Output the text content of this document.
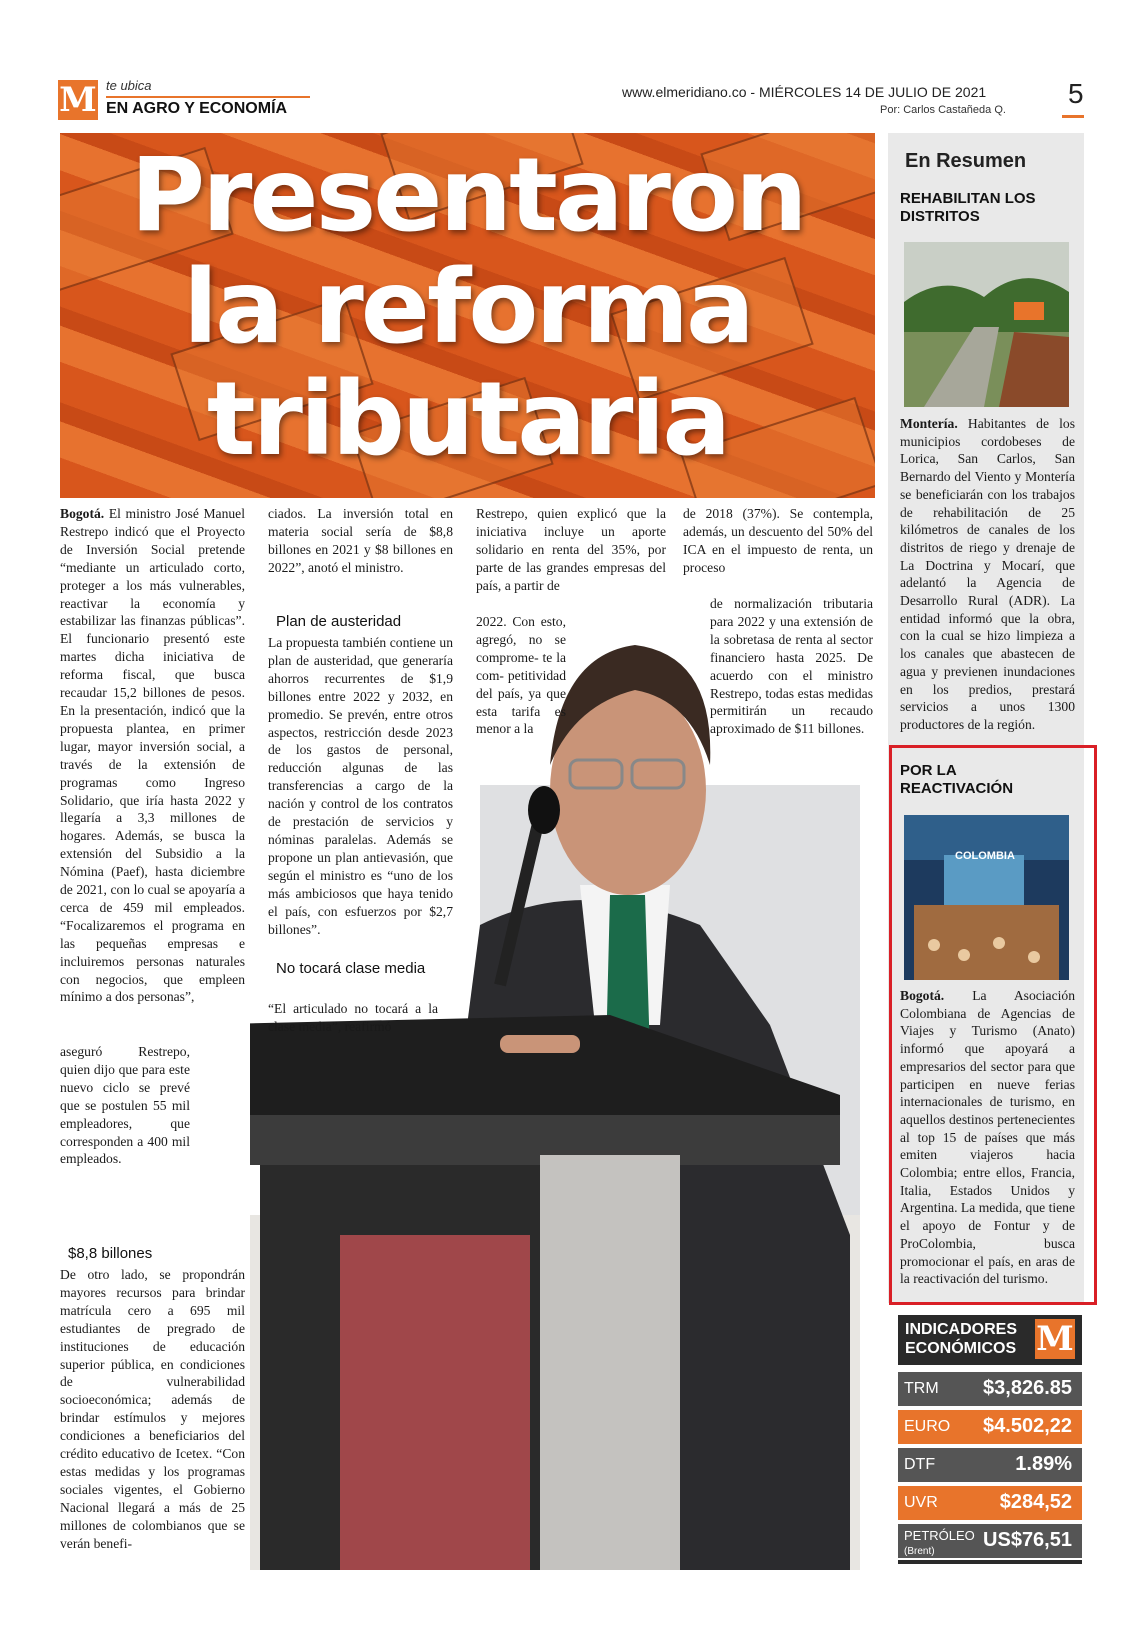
M te ubica
EN AGRO Y ECONOMÍA
www.elmeridiano.co - MIÉRCOLES 14 DE JULIO DE 2021
Por: Carlos Castañeda Q.
5
Presentaron
la reforma
tributaria

Bogotá. El ministro José Manuel Restrepo indicó que el Proyecto de Inversión Social pretende “mediante un articulado corto, proteger a los más vulnerables, reactivar la economía y estabilizar las finanzas públicas”. El funcionario presentó este martes dicha iniciativa de reforma fiscal, que busca recaudar 15,2 billones de pesos. En la presentación, indicó que la propuesta plantea, en primer lugar, mayor inversión social, a través de la extensión de programas como Ingreso Solidario, que iría hasta 2022 y llegaría a 3,3 millones de hogares. Además, se busca la extensión del Subsidio a la Nómina (Paef), hasta diciembre de 2021, con lo cual se apoyaría a cerca de 459 mil empleados. “Focalizaremos el programa en las pequeñas empresas e incluiremos personas naturales con negocios, que empleen mínimo a dos personas”,

aseguró Restrepo, quien dijo que para este nuevo ciclo se prevé que se postulen 55 mil empleadores, que corresponden a 400 mil empleados.

$8,8 billones

De otro lado, se propondrán mayores recursos para brindar matrícula cero a 695 mil estudiantes de pregrado de instituciones de educación superior pública, en condiciones de vulnerabilidad socioeconómica; además de brindar estímulos y mejores condiciones a beneficiarios del crédito educativo de Icetex. “Con estas medidas y los programas sociales vigentes, el Gobierno Nacional llegará a más de 25 millones de colombianos que se verán benefi-

ciados. La inversión total en materia social sería de $8,8 billones en 2021 y $8 billones en 2022”, anotó el ministro.

Plan de austeridad

La propuesta también contiene un plan de austeridad, que generaría ahorros recurrentes de $1,9 billones entre 2022 y 2032, en promedio. Se prevén, entre otros aspectos, restricción desde 2023 de los gastos de personal, reducción algunas de las transferencias a cargo de la nación y control de los contratos de prestación de servicios y nóminas paralelas. Además se propone un plan antievasión, que según el ministro es “uno de los más ambiciosos que haya tenido el país, con esfuerzos por $2,7 billones”.

No tocará clase media

“El articulado no tocará a la clase media”, reafirmó

Restrepo, quien explicó que la iniciativa incluye un aporte solidario en renta del 35%, por parte de las grandes empresas del país, a partir de

2022. Con esto, agregó, no se comprome- te la com- petitividad del país, ya que esta tarifa es menor a la

de 2018 (37%). Se contempla, además, un descuento del 50% del ICA en el impuesto de renta, un proceso

de normalización tributaria para 2022 y una extensión de la sobretasa de renta al sector financiero hasta 2025. De acuerdo con el ministro Restrepo, todas estas medidas permitirán un recaudo aproximado de $11 billones.

En Resumen
REHABILITAN LOS DISTRITOS

Montería. Habitantes de los municipios cordobeses de Lorica, San Carlos, San Bernardo del Viento y Montería se beneficiarán con los trabajos de rehabilitación de 25 kilómetros de canales de los distritos de riego y drenaje de La Doctrina y Mocarí, que adelantó la Agencia de Desarrollo Rural (ADR). La entidad informó que la obra, con la cual se hizo limpieza a los canales que abastecen de agua y previenen inundaciones en los predios, prestará servicios a unos 1300 productores de la región.

POR LA REACTIVACIÓN
COLOMBIA

Bogotá. La Asociación Colombiana de Agencias de Viajes y Turismo (Anato) informó que apoyará a empresarios del sector para que participen en nueve ferias internacionales de turismo, en aquellos destinos pertenecientes al top 15 de países que más emiten viajeros hacia Colombia; entre ellos, Francia, Italia, Estados Unidos y Argentina. La medida, que tiene el apoyo de Fontur y de ProColombia, busca promocionar el país, en aras de la reactivación del turismo.

INDICADORES ECONÓMICOS M
TRM $3,826.85
EURO $4.502,22
DTF	1.89%
UVR	$284,52
PETRÓLEO
(Brent)
US$76,51
